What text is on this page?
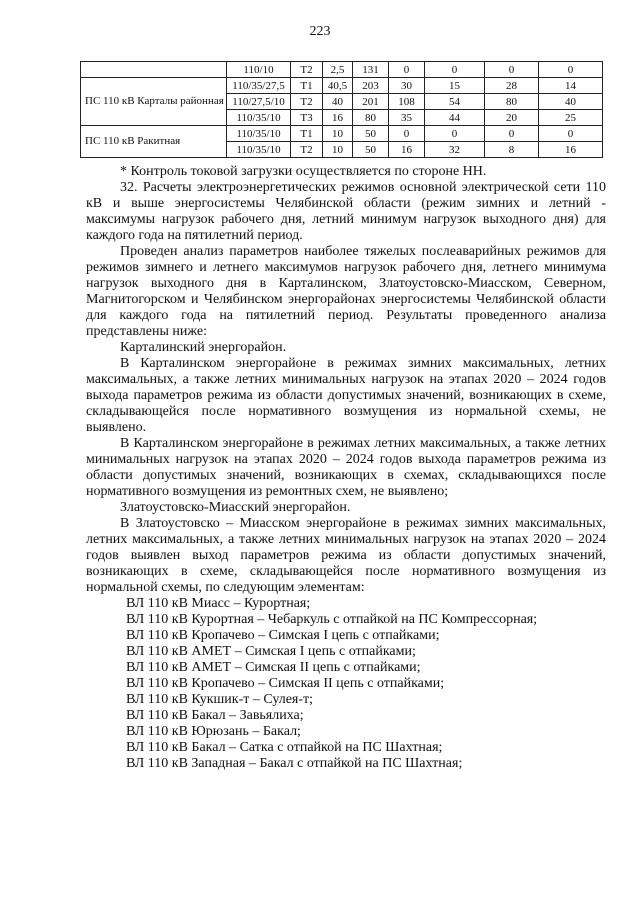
223
	110/10	Т2	2,5	131	0	0	0	0
ПС 110 кВ Карталы районная	110/35/27,5	Т1	40,5	203	30	15	28	14
	110/27,5/10	Т2	40	201	108	54	80	40
	110/35/10	Т3	16	80	35	44	20	25
ПС 110 кВ Ракитная	110/35/10	Т1	10	50	0	0	0	0
	110/35/10	Т2	10	50	16	32	8	16

* Контроль токовой загрузки осуществляется по стороне НН.

32. Расчеты электроэнергетических режимов основной электрической сети 110 кВ и выше энергосистемы Челябинской области (режим зимних и летний - максимумы нагрузок рабочего дня, летний минимум нагрузок выходного дня) для каждого года на пятилетний период.

Проведен анализ параметров наиболее тяжелых послеаварийных режимов для режимов зимнего и летнего максимумов нагрузок рабочего дня, летнего минимума нагрузок выходного дня в Карталинском, Златоустовско-Миасском, Северном, Магнитогорском и Челябинском энергорайонах энергосистемы Челябинской области для каждого года на пятилетний период. Результаты проведенного анализа представлены ниже:

Карталинский энергорайон.

В Карталинском энергорайоне в режимах зимних максимальных, летних максимальных, а также летних минимальных нагрузок на этапах 2020 – 2024 годов выхода параметров режима из области допустимых значений, возникающих в схеме, складывающейся после нормативного возмущения из нормальной схемы, не выявлено.

В Карталинском энергорайоне в режимах летних максимальных, а также летних минимальных нагрузок на этапах 2020 – 2024 годов выхода параметров режима из области допустимых значений, возникающих в схемах, складывающихся после нормативного возмущения из ремонтных схем, не выявлено;

Златоустовско-Миасский энергорайон.

В Златоустовско – Миасском энергорайоне в режимах зимних максимальных, летних максимальных, а также летних минимальных нагрузок на этапах 2020 – 2024 годов выявлен выход параметров режима из области допустимых значений, возникающих в схеме, складывающейся после нормативного возмущения из нормальной схемы, по следующим элементам:

ВЛ 110 кВ Миасс – Курортная;

ВЛ 110 кВ Курортная – Чебаркуль с отпайкой на ПС Компрессорная;

ВЛ 110 кВ Кропачево – Симская I цепь с отпайками;

ВЛ 110 кВ АМЕТ – Симская I цепь с отпайками;

ВЛ 110 кВ АМЕТ – Симская II цепь с отпайками;

ВЛ 110 кВ Кропачево – Симская II цепь с отпайками;

ВЛ 110 кВ Кукшик-т – Сулея-т;

ВЛ 110 кВ Бакал – Завьялиха;

ВЛ 110 кВ Юрюзань – Бакал;

ВЛ 110 кВ Бакал – Сатка с отпайкой на ПС Шахтная;

ВЛ 110 кВ Западная – Бакал с отпайкой на ПС Шахтная;
